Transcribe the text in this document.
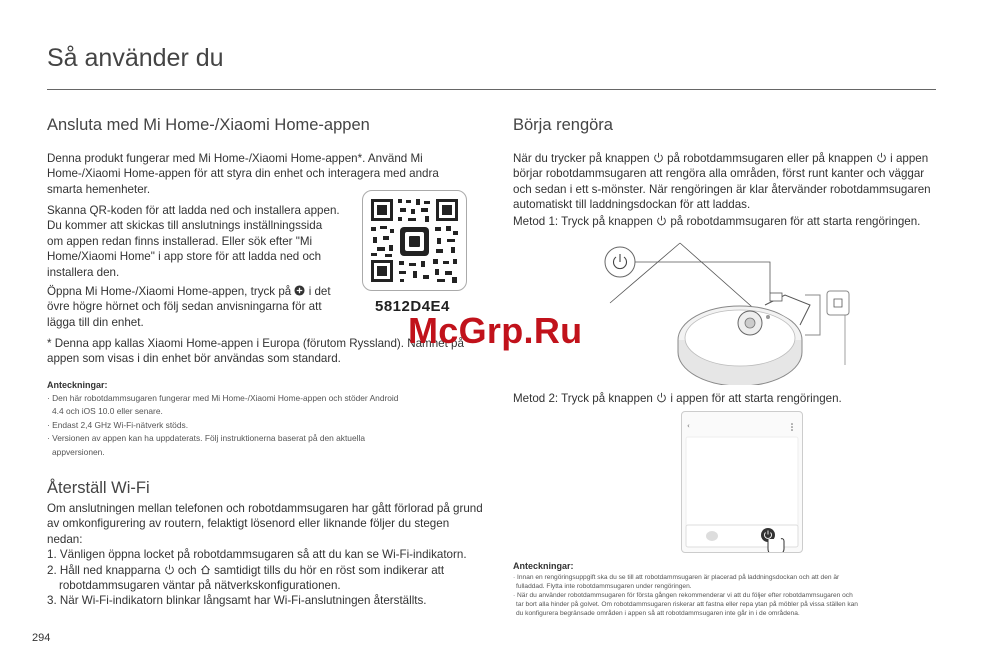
Så använder du
Ansluta med Mi Home-/Xiaomi Home-appen

Denna produkt fungerar med Mi Home-/Xiaomi Home-appen*. Använd Mi

Home-/Xiaomi Home-appen för att styra din enhet och interagera med andra

smarta hemenheter.

Skanna QR-koden för att ladda ned och installera appen.

Du kommer att skickas till anslutnings inställningssida

om appen redan finns installerad. Eller sök efter "Mi

Home/Xiaomi Home" i app store för att ladda ned och

installera den.

Öppna Mi Home-/Xiaomi Home-appen, tryck på i det

övre högre hörnet och följ sedan anvisningarna för att

lägga till din enhet.

5812D4E4

* Denna app kallas Xiaomi Home-appen i Europa (förutom Ryssland). Namnet på

appen som visas i din enhet bör användas som standard.

Anteckningar:

· Den här robotdammsugaren fungerar med Mi Home-/Xiaomi Home-appen och stöder Android

4.4 och iOS 10.0 eller senare.

· Endast 2,4 GHz Wi-Fi-nätverk stöds.

· Versionen av appen kan ha uppdaterats. Följ instruktionerna baserat på den aktuella

appversionen.

Återställ Wi-Fi

Om anslutningen mellan telefonen och robotdammsugaren har gått förlorad på grund

av omkonfigurering av routern, felaktigt lösenord eller liknande följer du stegen nedan:

1. Vänligen öppna locket på robotdammsugaren så att du kan se Wi-Fi-indikatorn.

2. Håll ned knapparna och samtidigt tills du hör en röst som indikerar att

robotdammsugaren väntar på nätverkskonfigurationen.

3. När Wi-Fi-indikatorn blinkar långsamt har Wi-Fi-anslutningen återställts.

Börja rengöra

När du trycker på knappen på robotdammsugaren eller på knappen i appen

börjar robotdammsugaren att rengöra alla områden, först runt kanter och väggar

och sedan i ett s-mönster. När rengöringen är klar återvänder robotdammsugaren

automatiskt till laddningsdockan för att laddas.

Metod 1: Tryck på knappen på robotdammsugaren för att starta rengöringen.

Metod 2: Tryck på knappen i appen för att starta rengöringen.

‹

Anteckningar:

· Innan en rengöringsuppgift ska du se till att robotdammsugaren är placerad på laddningsdockan och att den är

fulladdad. Flytta inte robotdammsugaren under rengöringen.

· När du använder robotdammsugaren för första gången rekommenderar vi att du följer efter robotdammsugaren och

tar bort alla hinder på golvet. Om robotdammsugaren riskerar att fastna eller repa ytan på möbler på vissa ställen kan

du konfigurera begränsade områden i appen så att robotdammsugaren inte går in i de områdena.

294
McGrp.Ru
